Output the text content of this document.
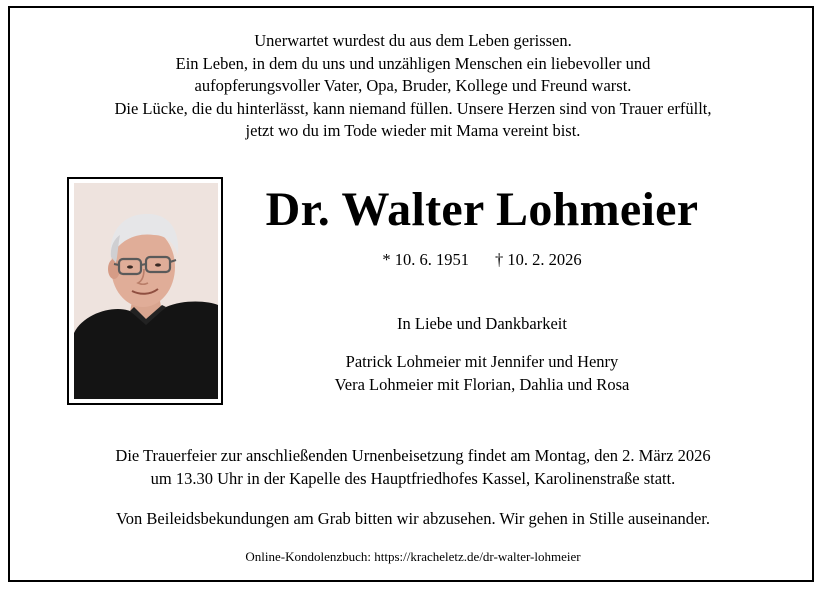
Unerwartet wurdest du aus dem Leben gerissen.
Ein Leben, in dem du uns und unzähligen Menschen ein liebevoller und
aufopferungsvoller Vater, Opa, Bruder, Kollege und Freund warst.
Die Lücke, die du hinterlässt, kann niemand füllen. Unsere Herzen sind von Trauer erfüllt,
jetzt wo du im Tode wieder mit Mama vereint bist.
Dr. Walter Lohmeier
* 10. 6. 1951 † 10. 2. 2026
In Liebe und Dankbarkeit
Patrick Lohmeier mit Jennifer und Henry
Vera Lohmeier mit Florian, Dahlia und Rosa
Die Trauerfeier zur anschließenden Urnenbeisetzung findet am Montag, den 2. März 2026
um 13.30 Uhr in der Kapelle des Hauptfriedhofes Kassel, Karolinenstraße statt.
Von Beileidsbekundungen am Grab bitten wir abzusehen. Wir gehen in Stille auseinander.
Online-Kondolenzbuch: https://kracheletz.de/dr-walter-lohmeier
